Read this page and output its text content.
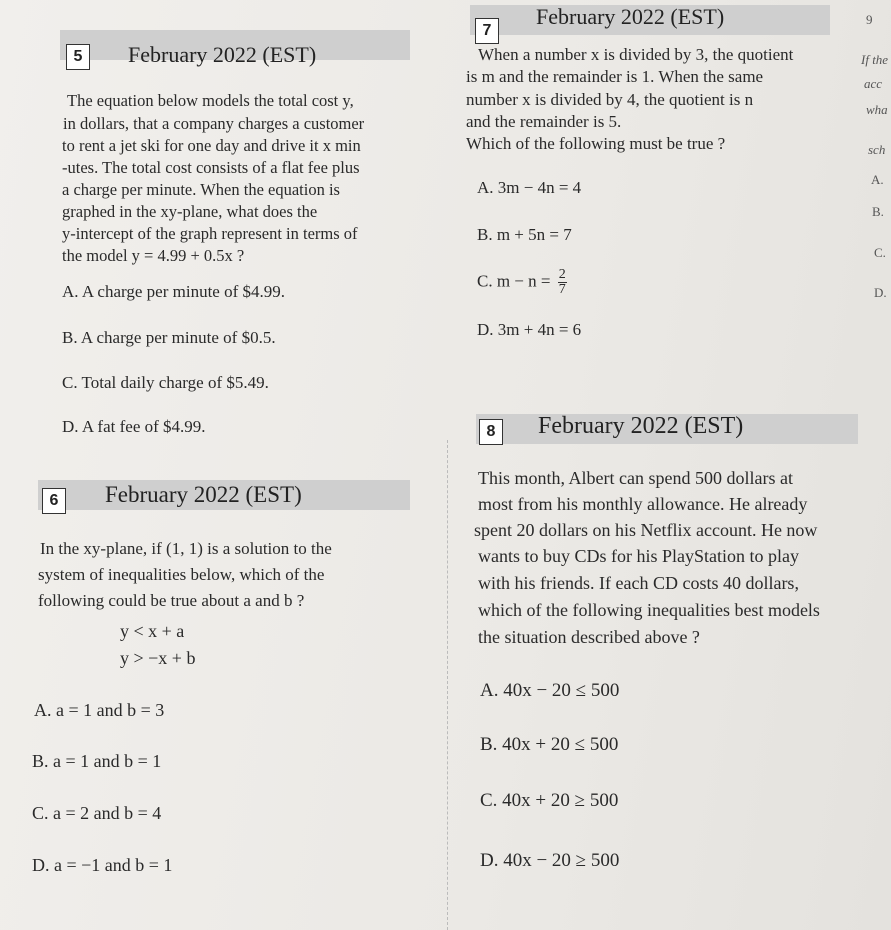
7
February 2022 (EST)
When a number x is divided by 3, the quotient
is m and the remainder is 1. When the same
number x is divided by 4, the quotient is n
and the remainder is 5.
Which of the following must be true ?
A. 3m − 4n = 4
B. m + 5n = 7
C. $m - n = \frac{2}{7}$
D. 3m + 4n = 6
9
If the
acc
wha
sch
A.
B.
C.
D.
5	February 2022 (EST)
The equation below models the total cost y,
in dollars, that a company charges a customer
to rent a jet ski for one day and drive it x min
-utes. The total cost consists of a flat fee plus
a charge per minute. When the equation is
graphed in the xy-plane, what does the
y-intercept of the graph represent in terms of
the model y = 4.99 + 0.5x ?
A. A charge per minute of $4.99.
B. A charge per minute of $0.5.
C. Total daily charge of $5.49.
D. A fat fee of $4.99.	8	February 2022 (EST)
This month, Albert can spend 500 dollars at
most from his monthly allowance. He already
spent 20 dollars on his Netflix account. He now
wants to buy CDs for his PlayStation to play
with his friends. If each CD costs 40 dollars,
which of the following inequalities best models
the situation described above ?
A. 40x − 20 ≤ 500
B. 40x + 20 ≤ 500
C. 40x + 20 ≥ 500
D. 40x − 20 ≥ 500
6	February 2022 (EST)
In the xy-plane, if (1, 1) is a solution to the
system of inequalities below, which of the
following could be true about a and b ?
y < x + a
y > −x + b
A. a = 1 and b = 3
B. a = 1 and b = 1
C. a = 2 and b = 4
D. a = −1 and b = 1
